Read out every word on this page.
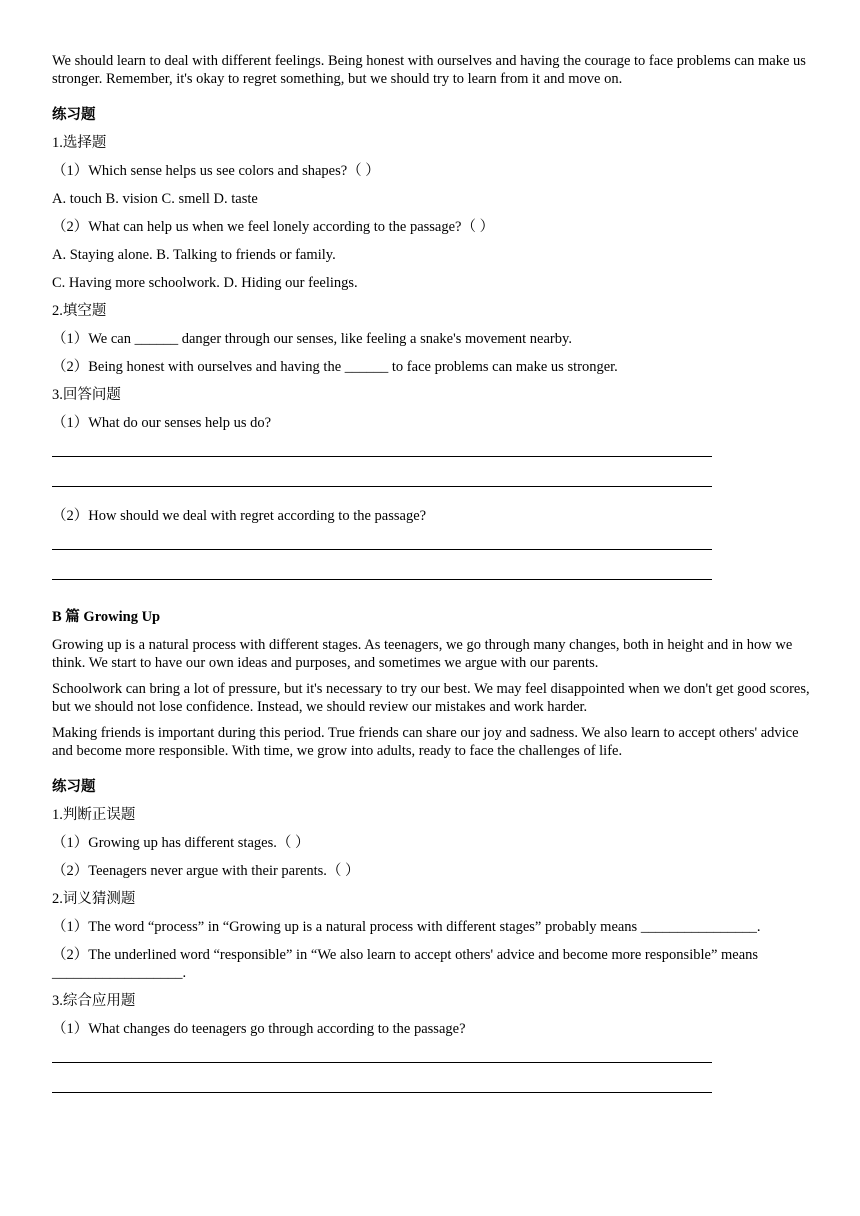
We should learn to deal with different feelings. Being honest with ourselves and having the courage to face problems can make us stronger. Remember, it's okay to regret something, but we should try to learn from it and move on.

练习题

1.选择题

（1）Which sense helps us see colors and shapes?（ ）

A. touch B. vision C. smell D. taste

（2）What can help us when we feel lonely according to the passage?（ ）

A. Staying alone. B. Talking to friends or family.

C. Having more schoolwork. D. Hiding our feelings.

2.填空题

（1）We can ______ danger through our senses, like feeling a snake's movement nearby.

（2）Being honest with ourselves and having the ______ to face problems can make us stronger.

3.回答问题

（1）What do our senses help us do?

（2）How should we deal with regret according to the passage?

B 篇 Growing Up

Growing up is a natural process with different stages. As teenagers, we go through many changes, both in height and in how we think. We start to have our own ideas and purposes, and sometimes we argue with our parents.

Schoolwork can bring a lot of pressure, but it's necessary to try our best. We may feel disappointed when we don't get good scores, but we should not lose confidence. Instead, we should review our mistakes and work harder.

Making friends is important during this period. True friends can share our joy and sadness. We also learn to accept others' advice and become more responsible. With time, we grow into adults, ready to face the challenges of life.

练习题

1.判断正误题

（1）Growing up has different stages.（ ）

（2）Teenagers never argue with their parents.（ ）

2.词义猜测题

（1）The word “process” in “Growing up is a natural process with different stages” probably means ________________.

（2）The underlined word “responsible” in “We also learn to accept others' advice and become more responsible” means __________________.

3.综合应用题

（1）What changes do teenagers go through according to the passage?
